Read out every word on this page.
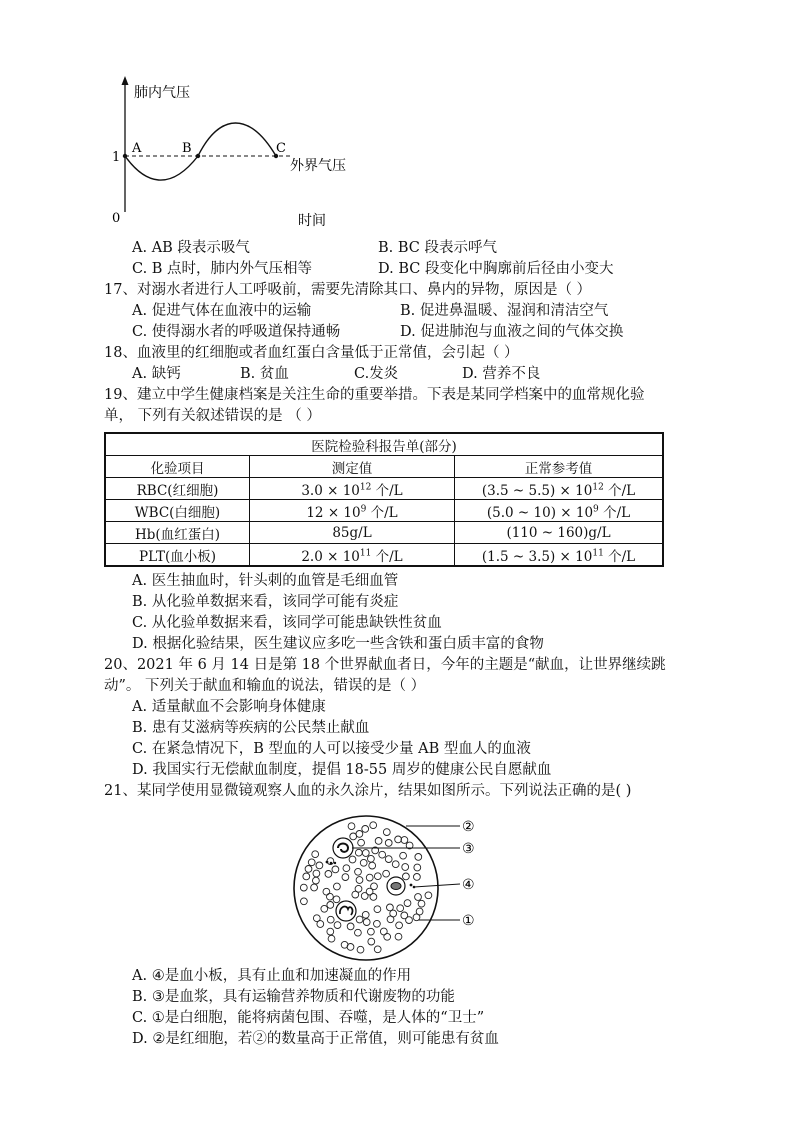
肺内气压
0
1
时间
A	B	C
外界气压
A. AB 段表示吸气	B. BC 段表示呼气
C. B 点时，肺内外气压相等	D. BC 段变化中胸廓前后径由小变大
17、对溺水者进行人工呼吸前，需要先清除其口、鼻内的异物，原因是（ ）
A. 促进气体在血液中的运输	B. 促进鼻温暖、湿润和清洁空气
C. 使得溺水者的呼吸道保持通畅	D. 促进肺泡与血液之间的气体交换
18、血液里的红细胞或者血红蛋白含量低于正常值，会引起（ ）
A. 缺钙	B. 贫血	C.发炎	D. 营养不良
19、建立中学生健康档案是关注生命的重要举措。下表是某同学档案中的血常规化验
单， 下列有关叙述错误的是 （ ）
医院检验科报告单(部分)		
化验项目	测定值	正常参考值
RBC(红细胞)	$3.0 \times 10^{12}$ 个/L	(3.5 ~ $5.5) \times 10^{12}$ 个/L
WBC(白细胞)	$12 \times 10^9$ 个/L	(5.0 ~ $10) \times 10^9$ 个/L
Hb(血红蛋白)	85g/L	(110 ~ 160)g/L
PLT(血小板)	$2.0 \times 10^{11}$ 个/L	(1.5 ~ $3.5) \times 10^{11}$ 个/L
A. 医生抽血时，针头刺的血管是毛细血管
B. 从化验单数据来看，该同学可能有炎症
C. 从化验单数据来看，该同学可能患缺铁性贫血
D. 根据化验结果，医生建议应多吃一些含铁和蛋白质丰富的食物
20、2021 年 6 月 14 日是第 18 个世界献血者日，今年的主题是“献血，让世界继续跳
动”。 下列关于献血和输血的说法，错误的是（ ）
A. 适量献血不会影响身体健康
B. 患有艾滋病等疾病的公民禁止献血
C. 在紧急情况下，B 型血的人可以接受少量 AB 型血人的血液
D. 我国实行无偿献血制度，提倡 18-55 周岁的健康公民自愿献血
21、某同学使用显微镜观察人血的永久涂片，结果如图所示。下列说法正确的是( )
②
③
④
①
A. ④是血小板，具有止血和加速凝血的作用
B. ③是血浆，具有运输营养物质和代谢废物的功能
C. ①是白细胞，能将病菌包围、吞噬，是人体的“卫士”
D. ②是红细胞，若②的数量高于正常值，则可能患有贫血
